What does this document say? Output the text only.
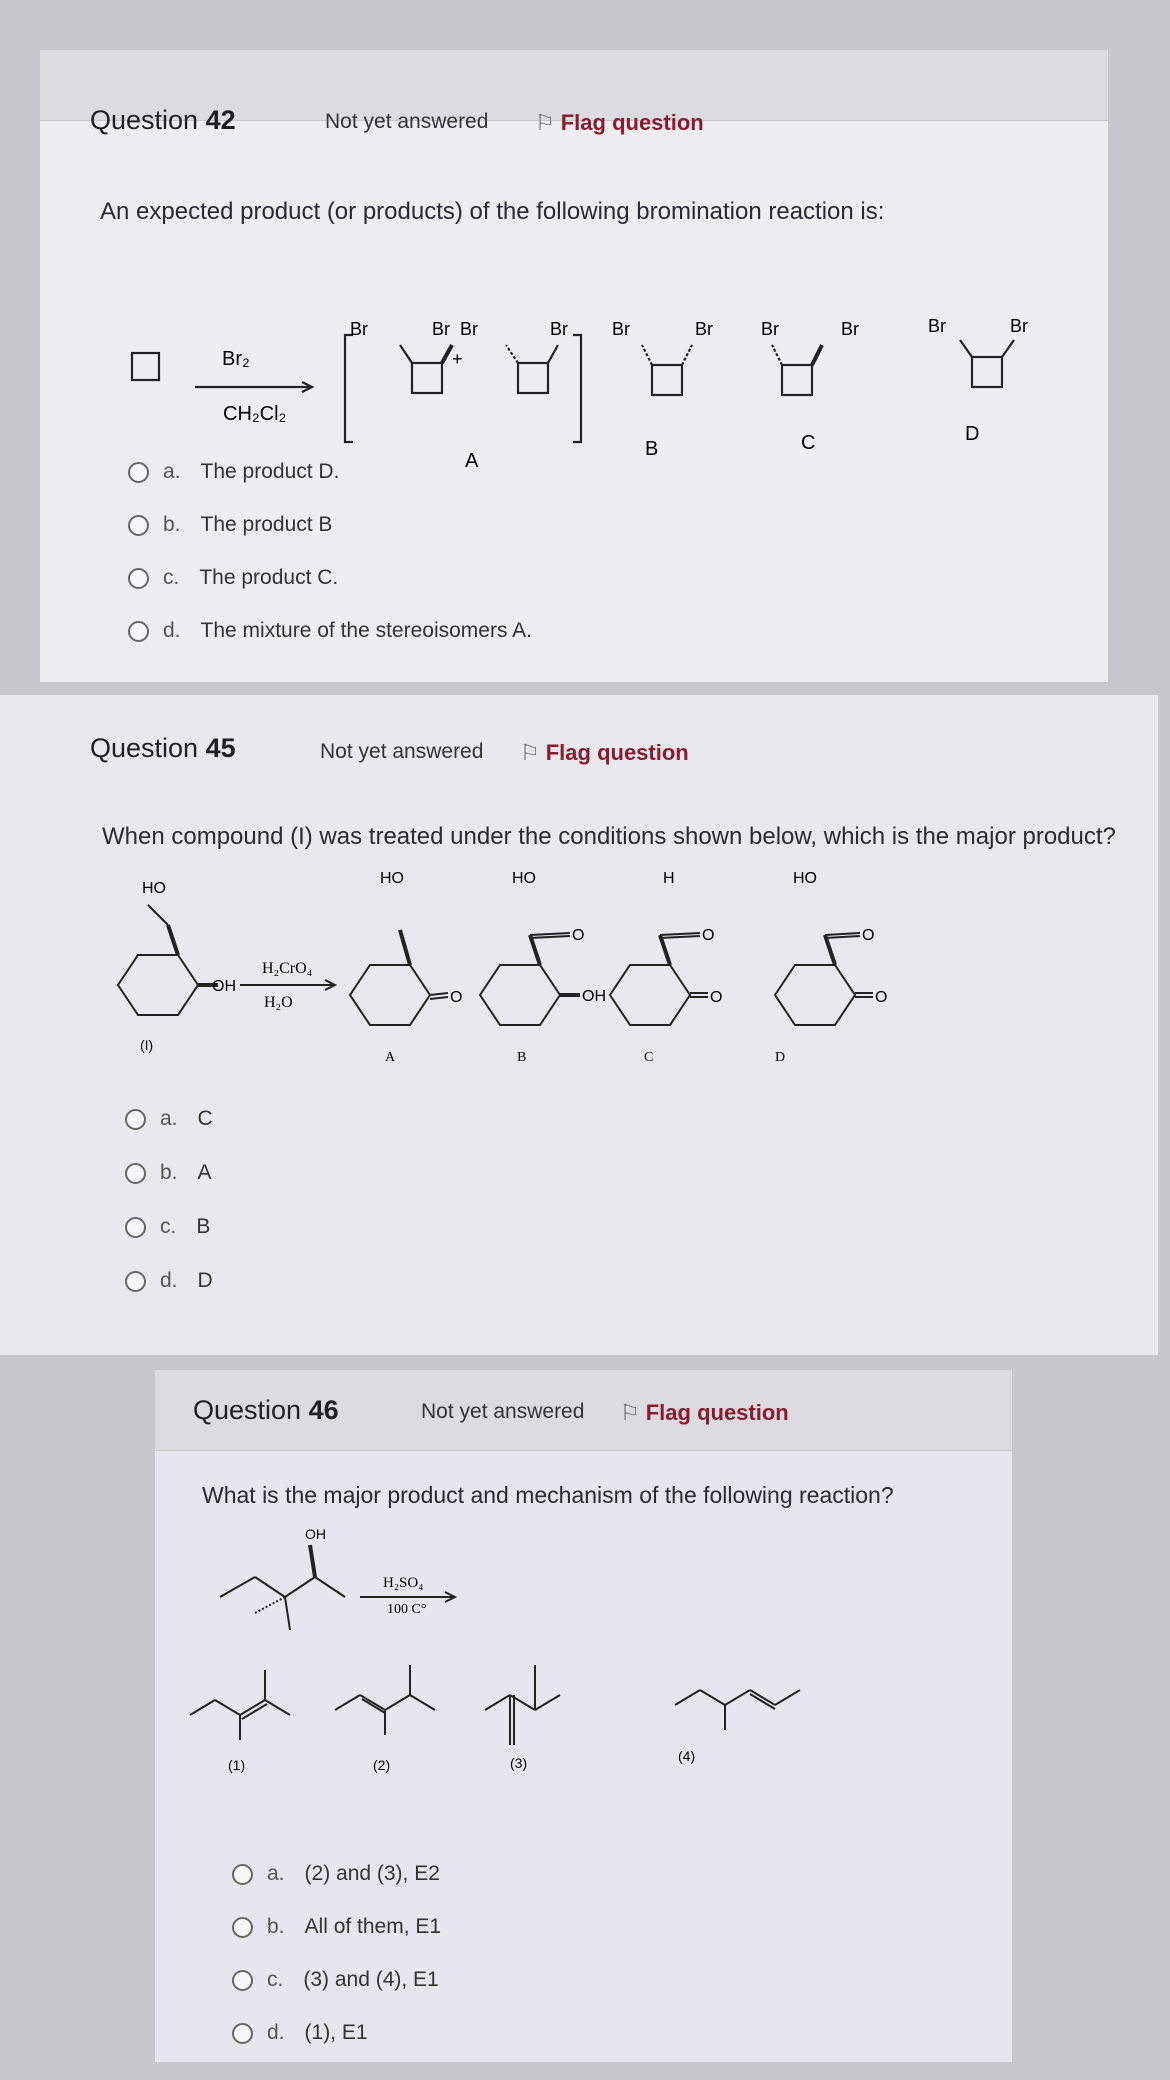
Question 42	Not yet answered ⚐ Flag question
An expected product (or products) of the following bromination reaction is:
Br₂
CH₂Cl₂
Br	Br Br	Br
+
A
Br	Br
B
Br	Br
C
Br	Br
D
a. The product D.
b. The product B
c. The product C.
d. The mixture of the stereoisomers A.
Question 45	Not yet answered ⚐ Flag question
When compound (I) was treated under the conditions shown below, which is the major product?
HO
OH
(I)
H₂CrO₄
H₂O
HO
O
A
HO
O
OH
B
H
O
O
C
HO
O
O
D
a. C
b. A
c. B
d. D
Question 46	Not yet answered ⚐ Flag question
What is the major product and mechanism of the following reaction?
OH
H₂SO₄
100 C°
(1)	(2)	(3)	(4)
a. (2) and (3), E2
b. All of them, E1
c. (3) and (4), E1
d. (1), E1
